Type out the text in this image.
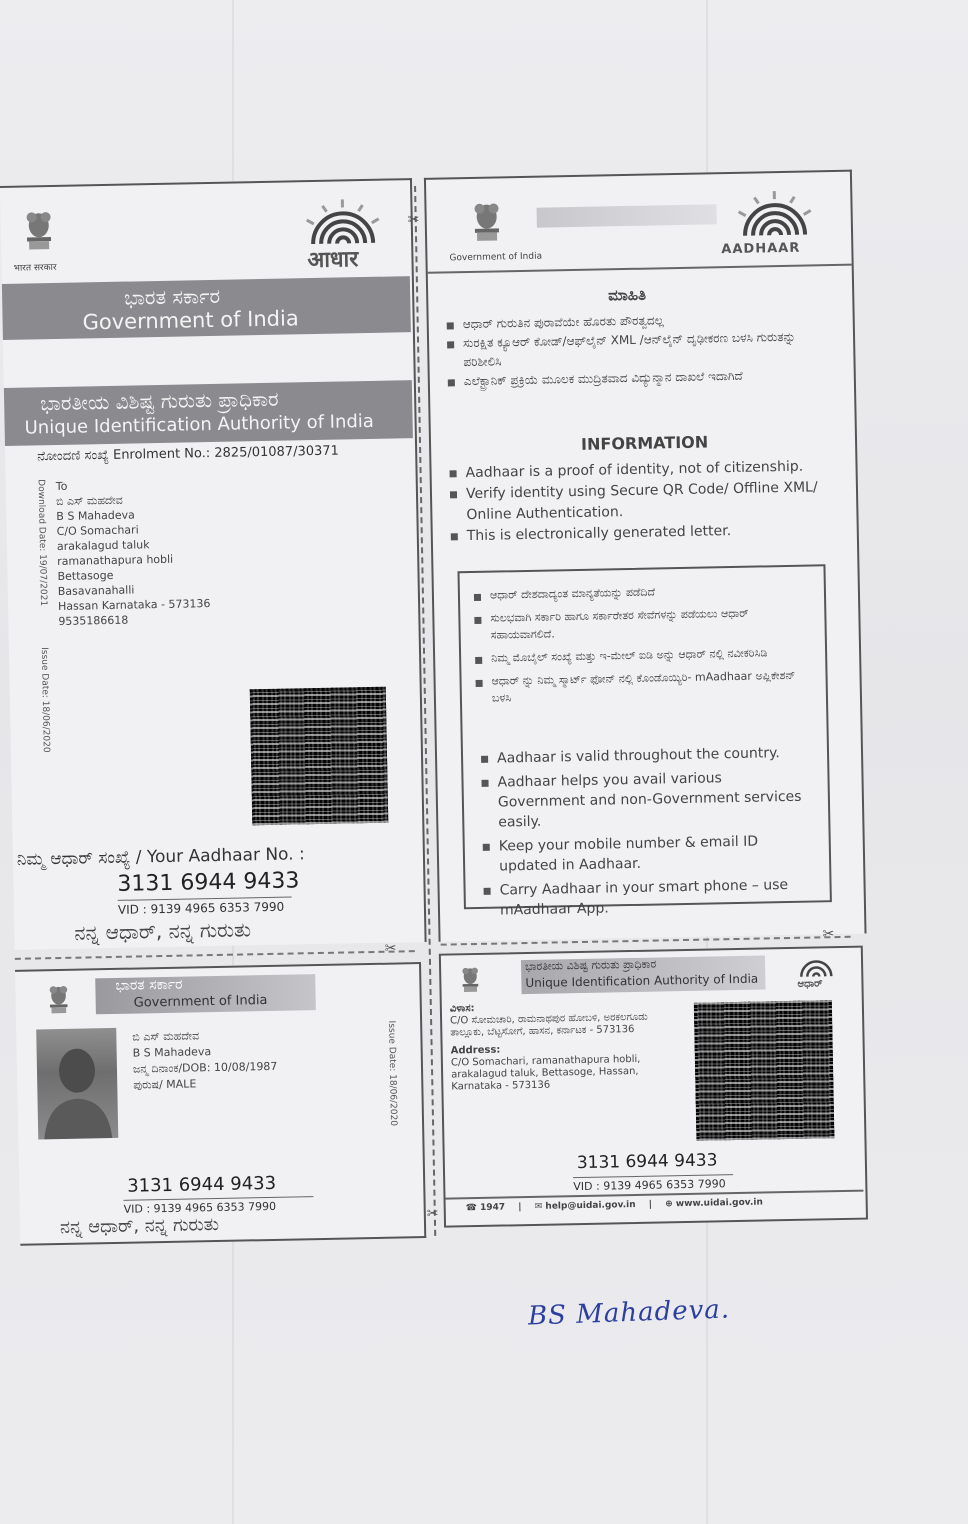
भारत सरकार	आधार
ಭಾರತ ಸರ್ಕಾರ
Government of India
ಭಾರತೀಯ ವಿಶಿಷ್ಟ ಗುರುತು ಪ್ರಾಧಿಕಾರ
Unique Identification Authority of India
ನೋಂದಣಿ ಸಂಖ್ಯೆ Enrolment No.: 2825/01087/30371
Download Date: 19/07/2021
Issue Date: 18/06/2020
To
ಬಿ ಎಸ್ ಮಹದೇವ
B S Mahadeva
C/O Somachari
arakalagud taluk
ramanathapura hobli
Bettasoge
Basavanahalli
Hassan Karnataka - 573136
9535186618
ನಿಮ್ಮ ಆಧಾರ್ ಸಂಖ್ಯೆ / Your Aadhaar No. :
3131 6944 9433
VID : 9139 4965 6353 7990
ನನ್ನ ಆಧಾರ್, ನನ್ನ ಗುರುತು
✂
✂
Government of India
AADHAAR
ಮಾಹಿತಿ
ಆಧಾರ್ ಗುರುತಿನ ಪುರಾವೆಯೇ ಹೊರತು ಪೌರತ್ವದಲ್ಲ
ಸುರಕ್ಷಿತ ಕ್ಯೂಆರ್ ಕೋಡ್/ಆಫ್‌ಲೈನ್ XML /ಆನ್‌ಲೈನ್ ದೃಢೀಕರಣ ಬಳಸಿ ಗುರುತನ್ನು ಪರಿಶೀಲಿಸಿ
ಎಲೆಕ್ಟ್ರಾನಿಕ್ ಪ್ರಕ್ರಿಯೆ ಮೂಲಕ ಮುದ್ರಿತವಾದ ವಿದ್ಯುನ್ಮಾನ ದಾಖಲೆ ಇದಾಗಿದೆ
INFORMATION
Aadhaar is a proof of identity, not of citizenship.
Verify identity using Secure QR Code/ Offline XML/ Online Authentication.
This is electronically generated letter.
ಆಧಾರ್ ದೇಶದಾದ್ಯಂತ ಮಾನ್ಯತೆಯನ್ನು ಪಡೆದಿದೆ
ಸುಲಭವಾಗಿ ಸರ್ಕಾರಿ ಹಾಗೂ ಸರ್ಕಾರೇತರ ಸೇವೆಗಳನ್ನು ಪಡೆಯಲು ಆಧಾರ್ ಸಹಾಯವಾಗಲಿದೆ.
ನಿಮ್ಮ ಮೊಬೈಲ್ ಸಂಖ್ಯೆ ಮತ್ತು ಇ-ಮೇಲ್ ಐಡಿ ಅನ್ನು ಆಧಾರ್ ನಲ್ಲಿ ನವೀಕರಿಸಿಡಿ
ಆಧಾರ್ ನ್ನು ನಿಮ್ಮ ಸ್ಮಾರ್ಟ್ ಫೋನ್ ನಲ್ಲಿ ಕೊಂಡೊಯ್ಯಿರಿ- mAadhaar ಅಪ್ಲಿಕೇಶನ್ ಬಳಸಿ
Aadhaar is valid throughout the country.
Aadhaar helps you avail various Government and non-Government services easily.
Keep your mobile number & email ID updated in Aadhaar.
Carry Aadhaar in your smart phone – use mAadhaar App.
✂
✂
ಭಾರತ ಸರ್ಕಾರ
Government of India
ಬಿ ಎಸ್ ಮಹದೇವ
B S Mahadeva
ಜನ್ಮ ದಿನಾಂಕ/DOB: 10/08/1987
ಪುರುಷ/ MALE	Issue Date: 18/06/2020
3131 6944 9433
VID : 9139 4965 6353 7990
ನನ್ನ ಆಧಾರ್, ನನ್ನ ಗುರುತು
ಭಾರತೀಯ ವಿಶಿಷ್ಟ ಗುರುತು ಪ್ರಾಧಿಕಾರ
Unique Identification Authority of India	ಆಧಾರ್
ವಿಳಾಸ:
C/O ಸೋಮಚಾರಿ, ರಾಮನಾಥಪುರ ಹೋಬಳಿ, ಅರಕಲಗೂಡು ತಾಲ್ಲೂಕು, ಬೆಟ್ಟಸೋಗೆ, ಹಾಸನ, ಕರ್ನಾಟಕ - 573136
Address:
C/O Somachari, ramanathapura hobli, arakalagud taluk, Bettasoge, Hassan, Karnataka - 573136
3131 6944 9433
VID : 9139 4965 6353 7990
☎ 1947 | ✉ help@uidai.gov.in | ⊕ www.uidai.gov.in
BS Mahadeva.
